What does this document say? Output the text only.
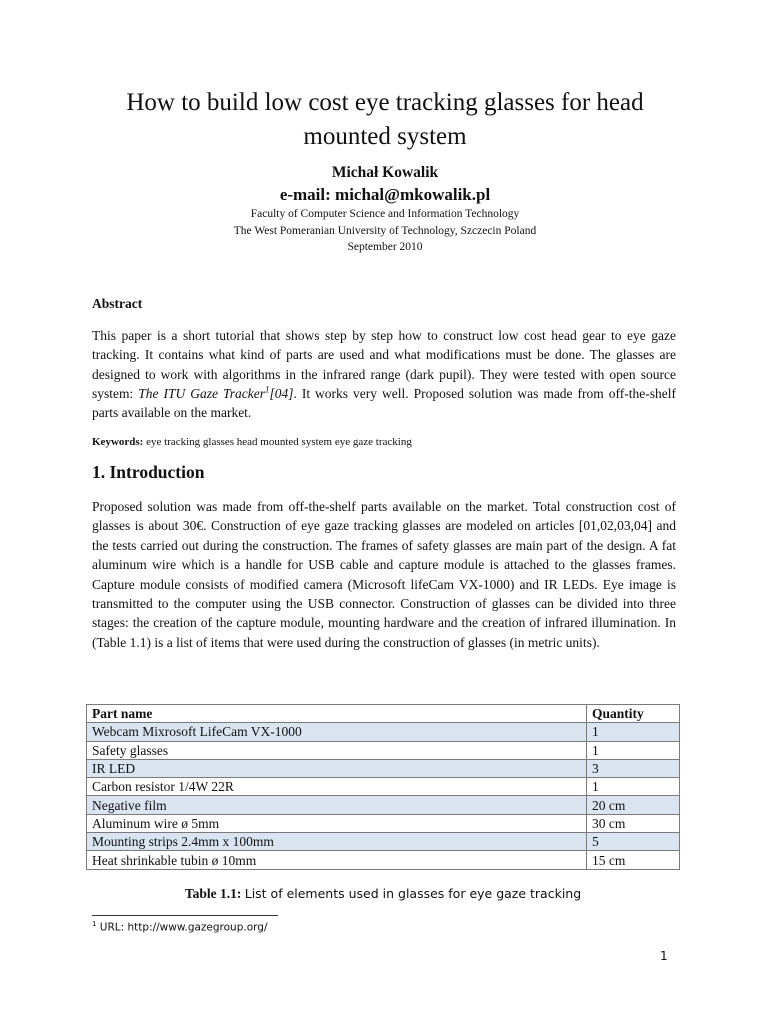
How to build low cost eye tracking glasses for head mounted system
Michał Kowalik
e-mail: michal@mkowalik.pl
Faculty of Computer Science and Information Technology
The West Pomeranian University of Technology, Szczecin Poland
September 2010
Abstract
This paper is a short tutorial that shows step by step how to construct low cost head gear to eye gaze tracking. It contains what kind of parts are used and what modifications must be done. The glasses are designed to work with algorithms in the infrared range (dark pupil). They were tested with open source system: The ITU Gaze Tracker$^1$[04]. It works very well. Proposed solution was made from off-the-shelf parts available on the market.
Keywords: eye tracking glasses head mounted system eye gaze tracking
1. Introduction
Proposed solution was made from off-the-shelf parts available on the market. Total construction cost of glasses is about 30€. Construction of eye gaze tracking glasses are modeled on articles [01,02,03,04] and the tests carried out during the construction. The frames of safety glasses are main part of the design. A fat aluminum wire which is a handle for USB cable and capture module is attached to the glasses frames. Capture module consists of modified camera (Microsoft lifeCam VX-1000) and IR LEDs. Eye image is transmitted to the computer using the USB connector. Construction of glasses can be divided into three stages: the creation of the capture module, mounting hardware and the creation of infrared illumination. In (Table 1.1) is a list of items that were used during the construction of glasses (in metric units).
Part name	Quantity
Webcam Mixrosoft LifeCam VX-1000	1
Safety glasses	1
IR LED	3
Carbon resistor 1/4W 22R	1
Negative film	20 cm
Aluminum wire ø 5mm	30 cm
Mounting strips 2.4mm x 100mm	5
Heat shrinkable tubin ø 10mm	15 cm
Table 1.1: List of elements used in glasses for eye gaze tracking
$^1$ URL: http://www.gazegroup.org/
1
